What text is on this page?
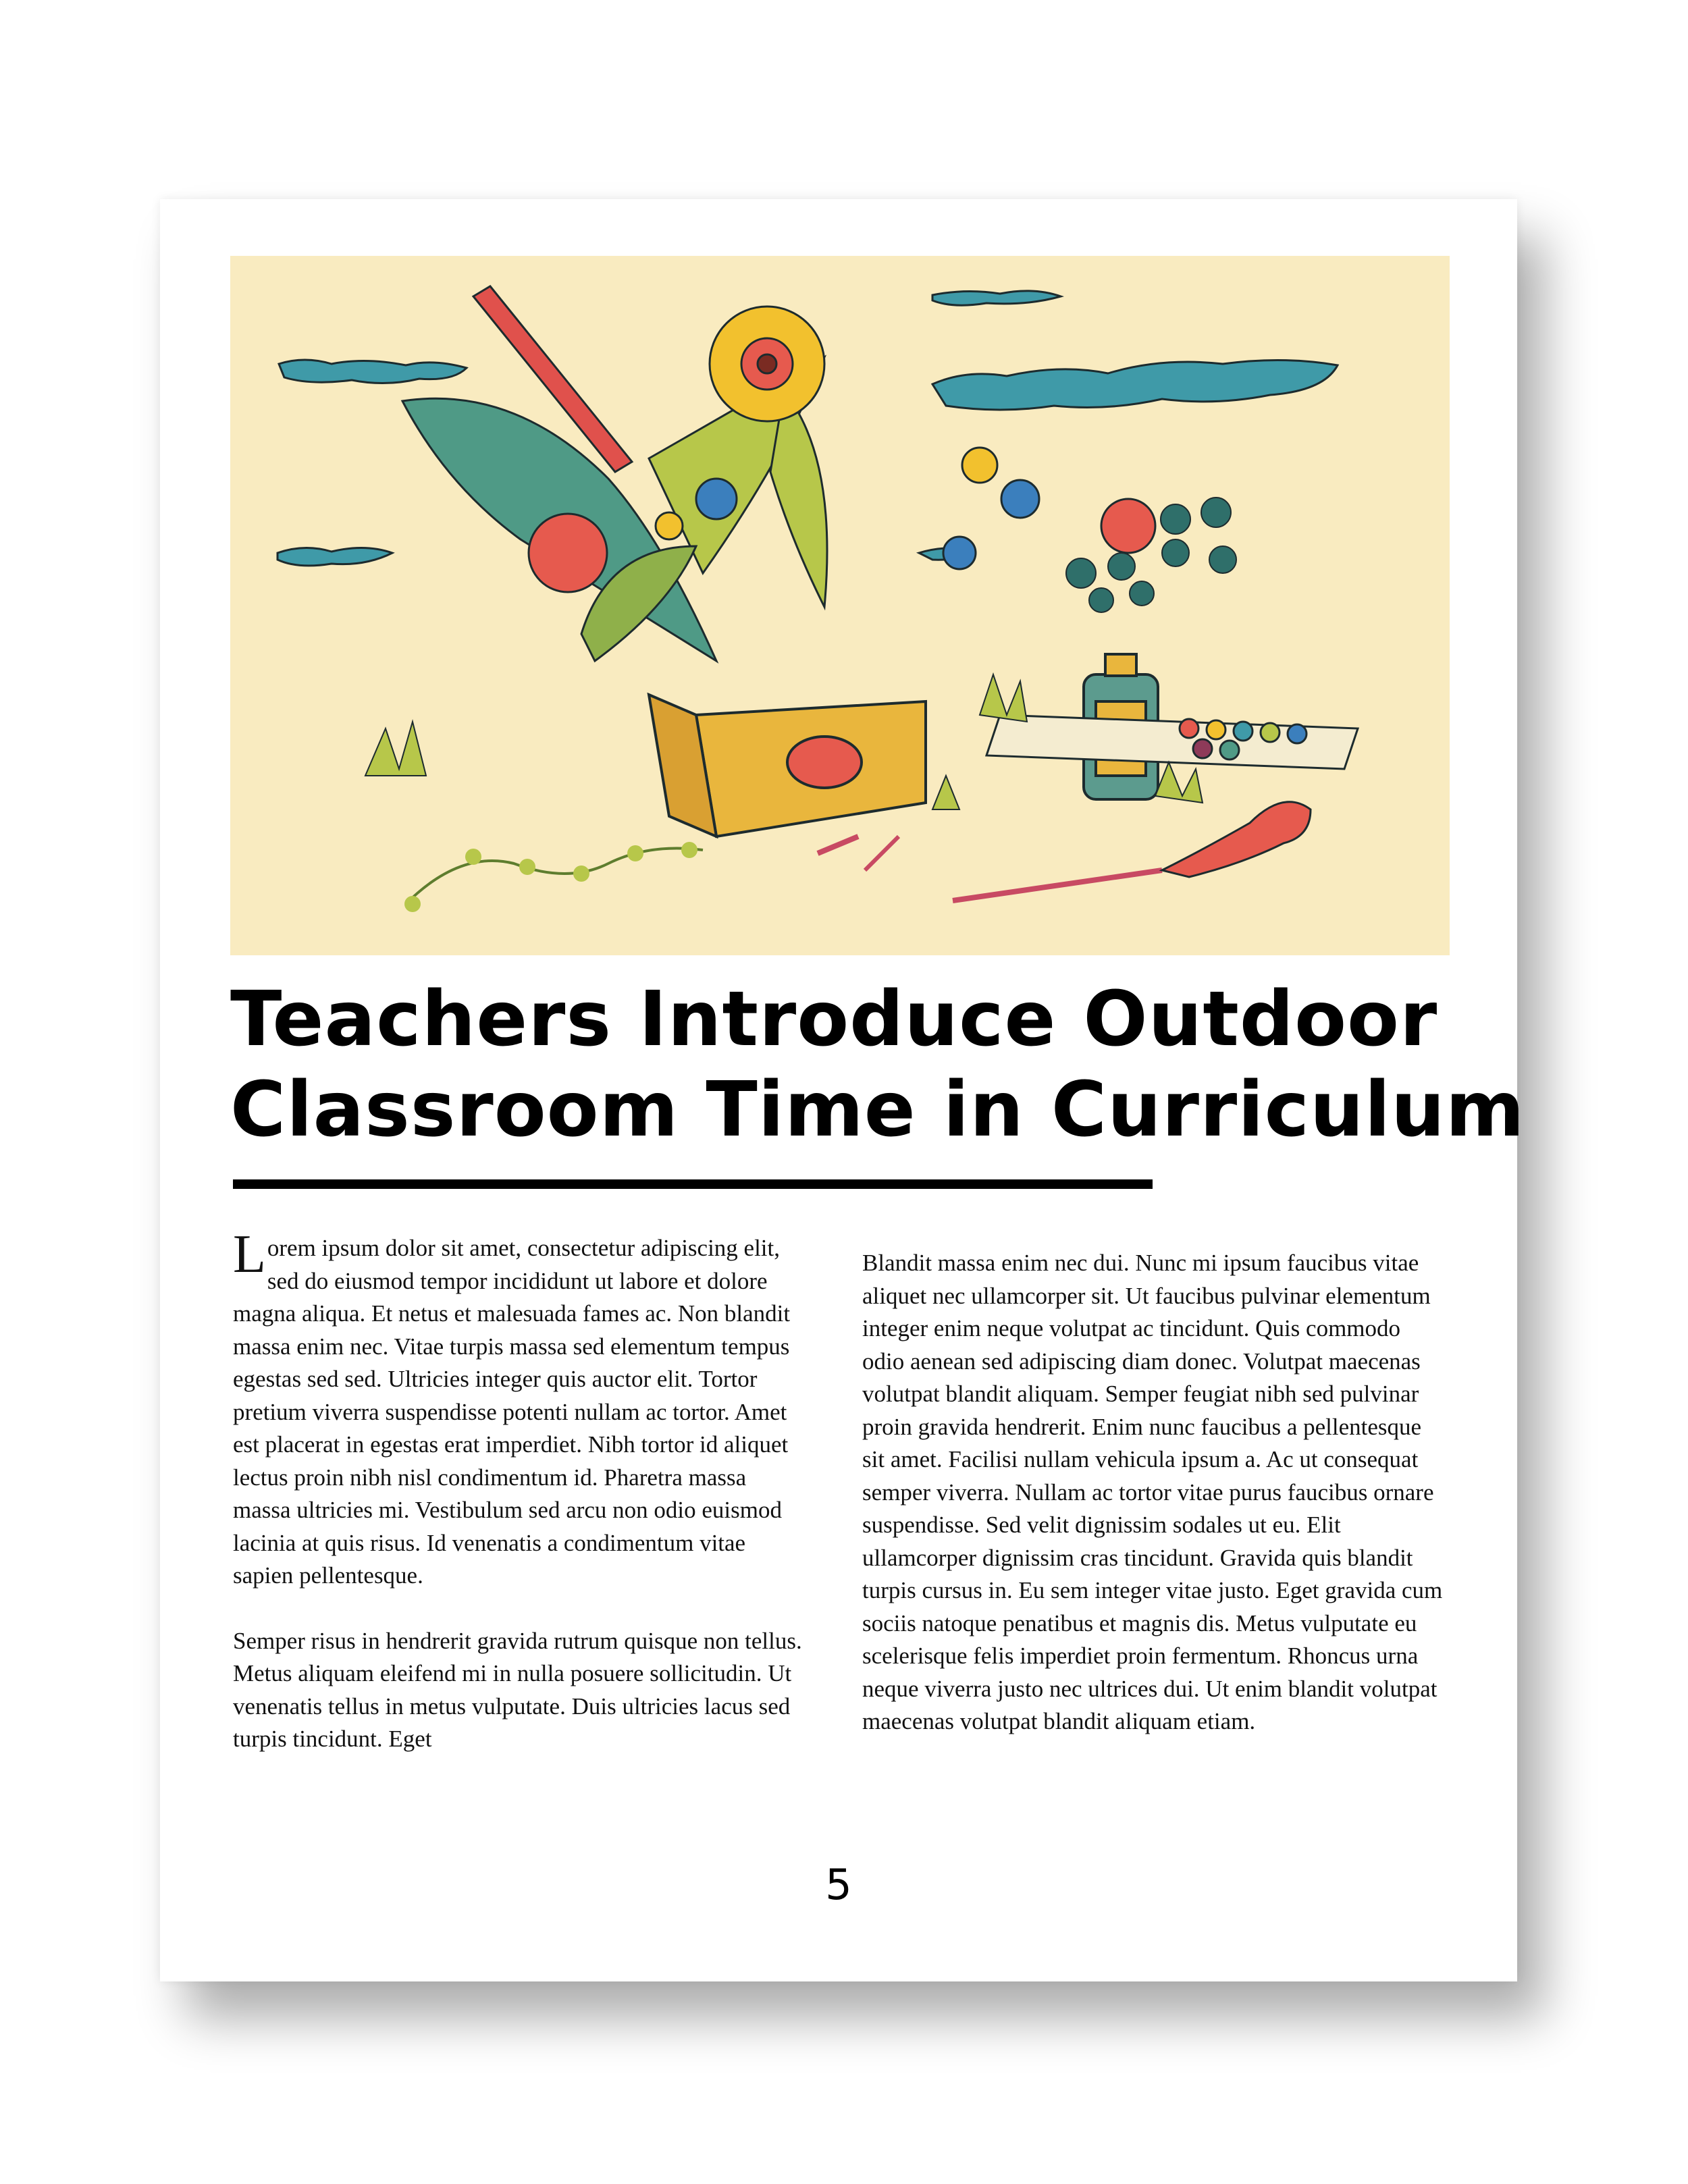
Teachers Introduce Outdoor
Classroom Time in Curriculum

Lorem ipsum dolor sit amet, consectetur adipiscing elit, sed do eiusmod tempor incididunt ut labore et dolore magna aliqua. Et netus et malesuada fames ac. Non blandit massa enim nec. Vitae turpis massa sed elementum tempus egestas sed sed. Ultricies integer quis auctor elit. Tortor pretium viverra suspendisse potenti nullam ac tortor. Amet est placerat in egestas erat imperdiet. Nibh tortor id aliquet lectus proin nibh nisl condimentum id. Pharetra massa massa ultricies mi. Vestibulum sed arcu non odio euismod lacinia at quis risus. Id venenatis a condimentum vitae sapien pellentesque.

Semper risus in hendrerit gravida rutrum quisque non tellus. Metus aliquam eleifend mi in nulla posuere sollicitudin. Ut venenatis tellus in metus vulputate. Duis ultricies lacus sed turpis tincidunt. Eget

Blandit massa enim nec dui. Nunc mi ipsum faucibus vitae aliquet nec ullamcorper sit. Ut faucibus pulvinar elementum integer enim neque volutpat ac tincidunt. Quis commodo odio aenean sed adipiscing diam donec. Volutpat maecenas volutpat blandit aliquam. Semper feugiat nibh sed pulvinar proin gravida hendrerit. Enim nunc faucibus a pellentesque sit amet. Facilisi nullam vehicula ipsum a. Ac ut consequat semper viverra. Nullam ac tortor vitae purus faucibus ornare suspendisse. Sed velit dignissim sodales ut eu. Elit ullamcorper dignissim cras tincidunt. Gravida quis blandit turpis cursus in. Eu sem integer vitae justo. Eget gravida cum sociis natoque penatibus et magnis dis. Metus vulputate eu scelerisque felis imperdiet proin fermentum. Rhoncus urna neque viverra justo nec ultrices dui. Ut enim blandit volutpat maecenas volutpat blandit aliquam etiam.

5
